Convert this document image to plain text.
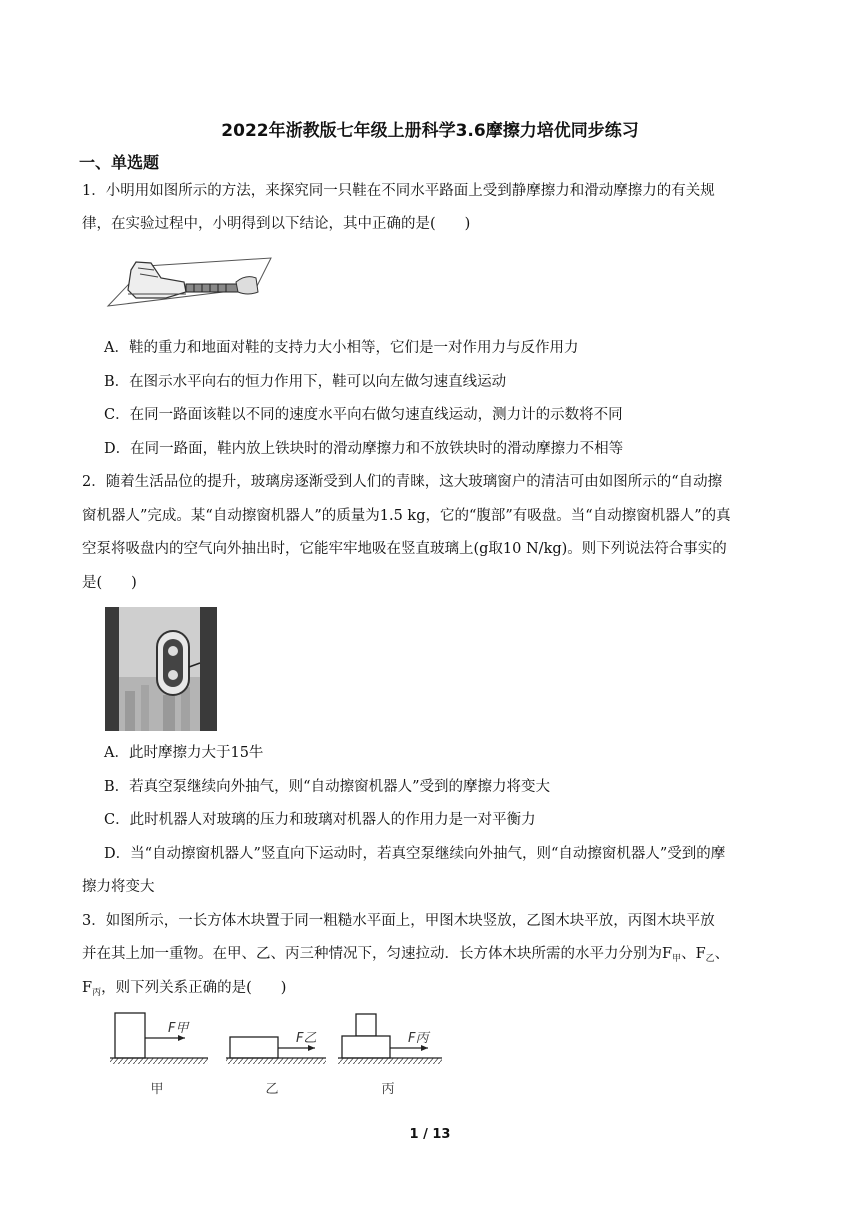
2022年浙教版七年级上册科学3.6摩擦力培优同步练习
一、单选题
1．小明用如图所示的方法，来探究同一只鞋在不同水平路面上受到静摩擦力和滑动摩擦力的有关规
律，在实验过程中，小明得到以下结论，其中正确的是(　　)
A．鞋的重力和地面对鞋的支持力大小相等，它们是一对作用力与反作用力
B．在图示水平向右的恒力作用下，鞋可以向左做匀速直线运动
C．在同一路面该鞋以不同的速度水平向右做匀速直线运动，测力计的示数将不同
D．在同一路面，鞋内放上铁块时的滑动摩擦力和不放铁块时的滑动摩擦力不相等
2．随着生活品位的提升，玻璃房逐渐受到人们的青睐，这大玻璃窗户的清洁可由如图所示的“自动擦
窗机器人”完成。某“自动擦窗机器人”的质量为1.5 kg，它的“腹部”有吸盘。当“自动擦窗机器人”的真
空泵将吸盘内的空气向外抽出时，它能牢牢地吸在竖直玻璃上(g取10 N/kg)。则下列说法符合事实的
是(　　)
A．此时摩擦力大于15牛
B．若真空泵继续向外抽气，则“自动擦窗机器人”受到的摩擦力将变大
C．此时机器人对玻璃的压力和玻璃对机器人的作用力是一对平衡力
D．当“自动擦窗机器人”竖直向下运动时，若真空泵继续向外抽气，则“自动擦窗机器人”受到的摩
擦力将变大
3．如图所示，一长方体木块置于同一粗糙水平面上，甲图木块竖放，乙图木块平放，丙图木块平放
并在其上加一重物。在甲、乙、丙三种情况下，匀速拉动．长方体木块所需的水平力分别为$F_甲$、$F_乙$、
$F_丙$，则下列关系正确的是(　　)
F甲
甲
F乙
乙
F丙
丙
1 / 13
